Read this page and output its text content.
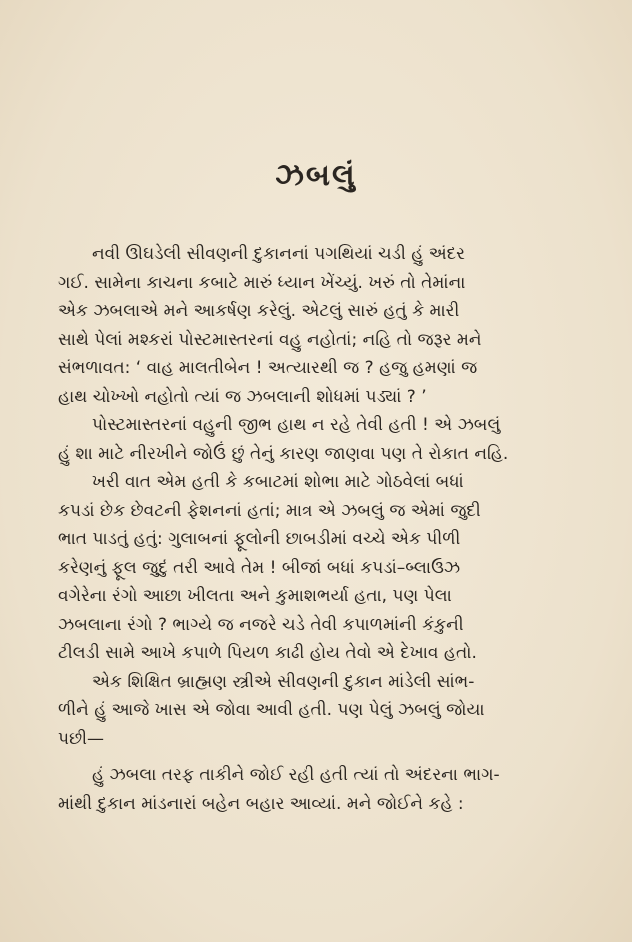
ઝબલું
નવી ઊઘડેલી સીવણની દુકાનનાં પગથિયાં ચડી હું અંદર
ગઈ. સામેના કાચના કબાટે મારું ધ્યાન ખેંચ્યું. ખરું તો તેમાંના
એક ઝબલાએ મને આકર્ષણ કરેલું. એટલું સારું હતું કે મારી
સાથે પેલાં મશ્કરાં પોસ્ટમાસ્તરનાં વહુ નહોતાં; નહિ તો જરૂર મને
સંભળાવત: ‘ વાહ માલતીબેન ! અત્યારથી જ ? હજુ હમણાં જ
હાથ ચોખ્ખો નહોતો ત્યાં જ ઝબલાની શોધમાં પડ્યાં ? ’
પોસ્ટમાસ્તરનાં વહુની જીભ હાથ ન રહે તેવી હતી ! એ ઝબલું
હું શા માટે નીરખીને જોઉં છું તેનું કારણ જાણવા પણ તે રોકાત નહિ.
ખરી વાત એમ હતી કે કબાટમાં શોભા માટે ગોઠવેલાં બધાં
કપડાં છેક છેવટની ફેશનનાં હતાં; માત્ર એ ઝબલું જ એમાં જુદી
ભાત પાડતું હતું: ગુલાબનાં ફૂલોની છાબડીમાં વચ્ચે એક પીળી
કરેણનું ફૂલ જુદું તરી આવે તેમ ! બીજાં બધાં કપડાં–બ્લાઉઝ
વગેરેના રંગો આછા ખીલતા અને કુમાશભર્યા હતા, પણ પેલા
ઝબલાના રંગો ? ભાગ્યે જ નજરે ચડે તેવી કપાળમાંની કંકુની
ટીલડી સામે આખે કપાળે પિયળ કાઢી હોય તેવો એ દેખાવ હતો.
એક શિક્ષિત બ્રાહ્મણ સ્ત્રીએ સીવણની દુકાન માંડેલી સાંભ-
ળીને હું આજે ખાસ એ જોવા આવી હતી. પણ પેલું ઝબલું જોયા
પછી—
હું ઝબલા તરફ તાકીને જોઈ રહી હતી ત્યાં તો અંદરના ભાગ-
માંથી દુકાન માંડનારાં બહેન બહાર આવ્યાં. મને જોઈને કહે :
